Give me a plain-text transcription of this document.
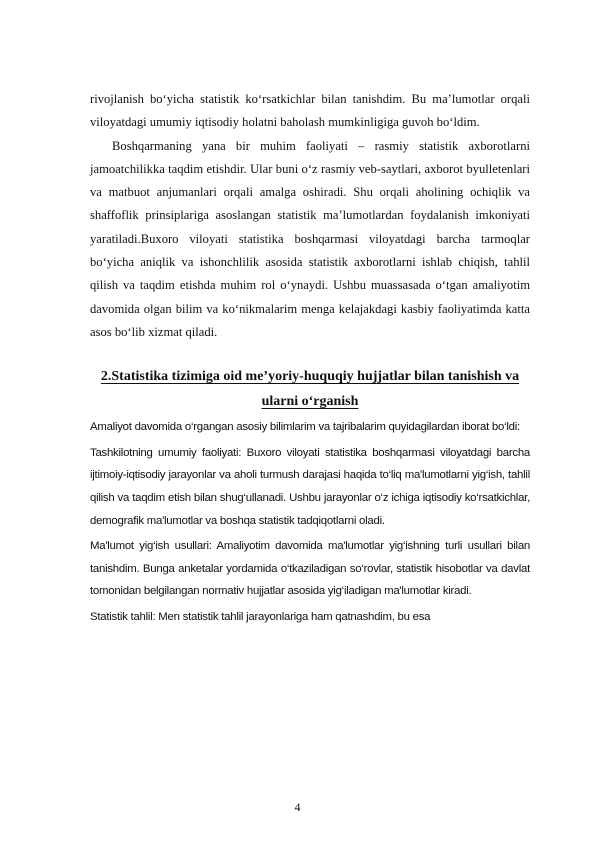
rivojlanish bo‘yicha statistik ko‘rsatkichlar bilan tanishdim. Bu ma’lumotlar orqali viloyatdagi umumiy iqtisodiy holatni baholash mumkinligiga guvoh bo‘ldim.

Boshqarmaning yana bir muhim faoliyati – rasmiy statistik axborotlarni jamoatchilikka taqdim etishdir. Ular buni o‘z rasmiy veb-saytlari, axborot byulletenlari va matbuot anjumanlari orqali amalga oshiradi. Shu orqali aholining ochiqlik va shaffoflik prinsiplariga asoslangan statistik ma’lumotlardan foydalanish imkoniyati yaratiladi.Buxoro viloyati statistika boshqarmasi viloyatdagi barcha tarmoqlar bo‘yicha aniqlik va ishonchlilik asosida statistik axborotlarni ishlab chiqish, tahlil qilish va taqdim etishda muhim rol o‘ynaydi. Ushbu muassasada o‘tgan amaliyotim davomida olgan bilim va ko‘nikmalarim menga kelajakdagi kasbiy faoliyatimda katta asos bo‘lib xizmat qiladi.

2.Statistika tizimiga oid me’yoriy-huquqiy hujjatlar bilan tanishish va ularni o‘rganish

Amaliyot davomida o‘rgangan asosiy bilimlarim va tajribalarim quyidagilardan iborat bo‘ldi:

Tashkilotning umumiy faoliyati: Buxoro viloyati statistika boshqarmasi viloyatdagi barcha ijtimoiy-iqtisodiy jarayonlar va aholi turmush darajasi haqida to‘liq ma'lumotlarni yig‘ish, tahlil qilish va taqdim etish bilan shug‘ullanadi. Ushbu jarayonlar o‘z ichiga iqtisodiy ko‘rsatkichlar, demografik ma'lumotlar va boshqa statistik tadqiqotlarni oladi.

Ma'lumot yig‘ish usullari: Amaliyotim davomida ma'lumotlar yig‘ishning turli usullari bilan tanishdim. Bunga anketalar yordamida o‘tkaziladigan so‘rovlar, statistik hisobotlar va davlat tomonidan belgilangan normativ hujjatlar asosida yig‘iladigan ma'lumotlar kiradi.

Statistik tahlil: Men statistik tahlil jarayonlariga ham qatnashdim, bu esa

4
